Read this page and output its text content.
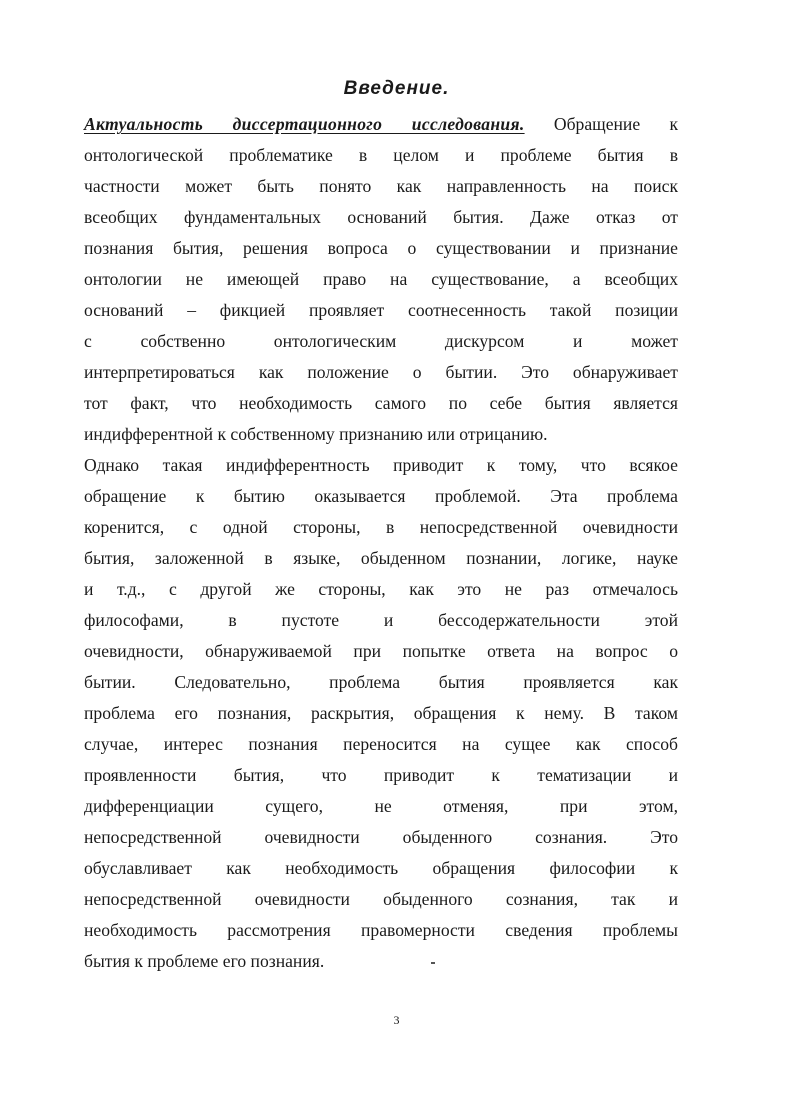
Введение.
Актуальность диссертационного исследования. Обращение к
онтологической проблематике в целом и проблеме бытия в
частности может быть понято как направленность на поиск
всеобщих фундаментальных оснований бытия. Даже отказ от
познания бытия, решения вопроса о существовании и признание
онтологии не имеющей право на существование, а всеобщих
оснований – фикцией проявляет соотнесенность такой позиции
с собственно онтологическим дискурсом и может
интерпретироваться как положение о бытии. Это обнаруживает
тот факт, что необходимость самого по себе бытия является
индифферентной к собственному признанию или отрицанию.
Однако такая индифферентность приводит к тому, что всякое
обращение к бытию оказывается проблемой. Эта проблема
коренится, с одной стороны, в непосредственной очевидности
бытия, заложенной в языке, обыденном познании, логике, науке
и т.д., с другой же стороны, как это не раз отмечалось
философами, в пустоте и бессодержательности этой
очевидности, обнаруживаемой при попытке ответа на вопрос о
бытии. Следовательно, проблема бытия проявляется как
проблема его познания, раскрытия, обращения к нему. В таком
случае, интерес познания переносится на сущее как способ
проявленности бытия, что приводит к тематизации и
дифференциации сущего, не отменяя, при этом,
непосредственной очевидности обыденного сознания. Это
обуславливает как необходимость обращения философии к
непосредственной очевидности обыденного сознания, так и
необходимость рассмотрения правомерности сведения проблемы
бытия к проблеме его познания.
3
